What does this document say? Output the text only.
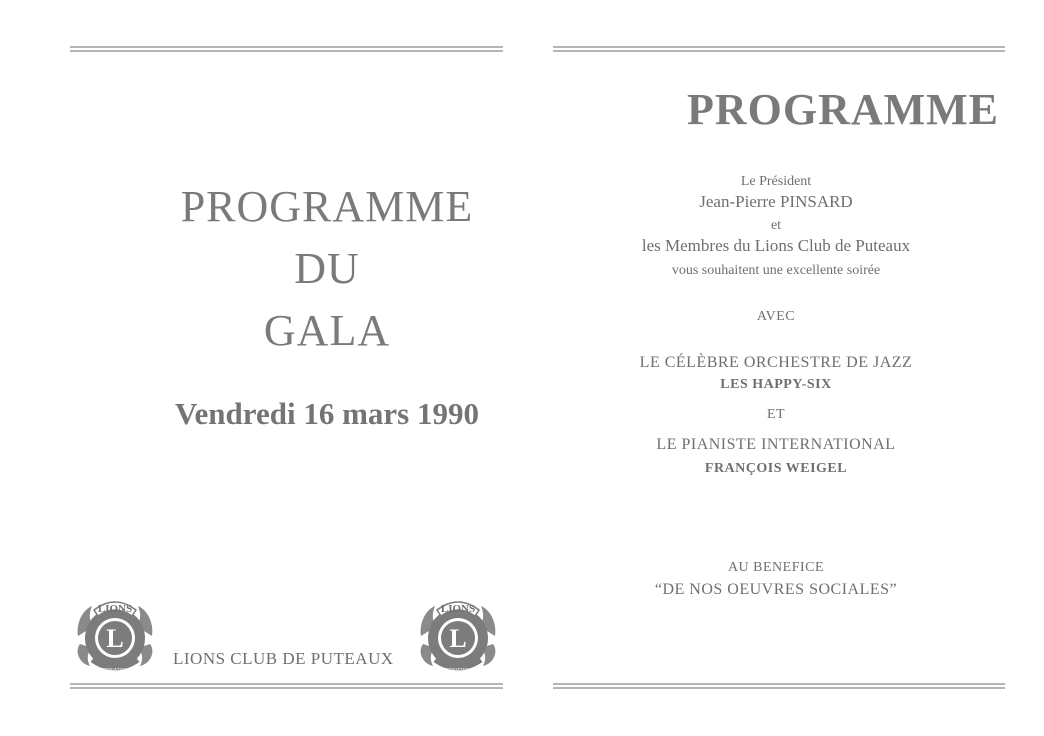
PROGRAMME
DU
GALA
Vendredi 16 mars 1990
L
LIONS
INTERNATIONAL
LIONS CLUB DE PUTEAUX
L
LIONS
INTERNATIONAL
PROGRAMME
Le Président
Jean-Pierre PINSARD
et
les Membres du Lions Club de Puteaux
vous souhaitent une excellente soirée
AVEC
LE CÉLÈBRE ORCHESTRE DE JAZZ
LES HAPPY-SIX
ET
LE PIANISTE INTERNATIONAL
FRANÇOIS WEIGEL
AU BENEFICE
“DE NOS OEUVRES SOCIALES”
